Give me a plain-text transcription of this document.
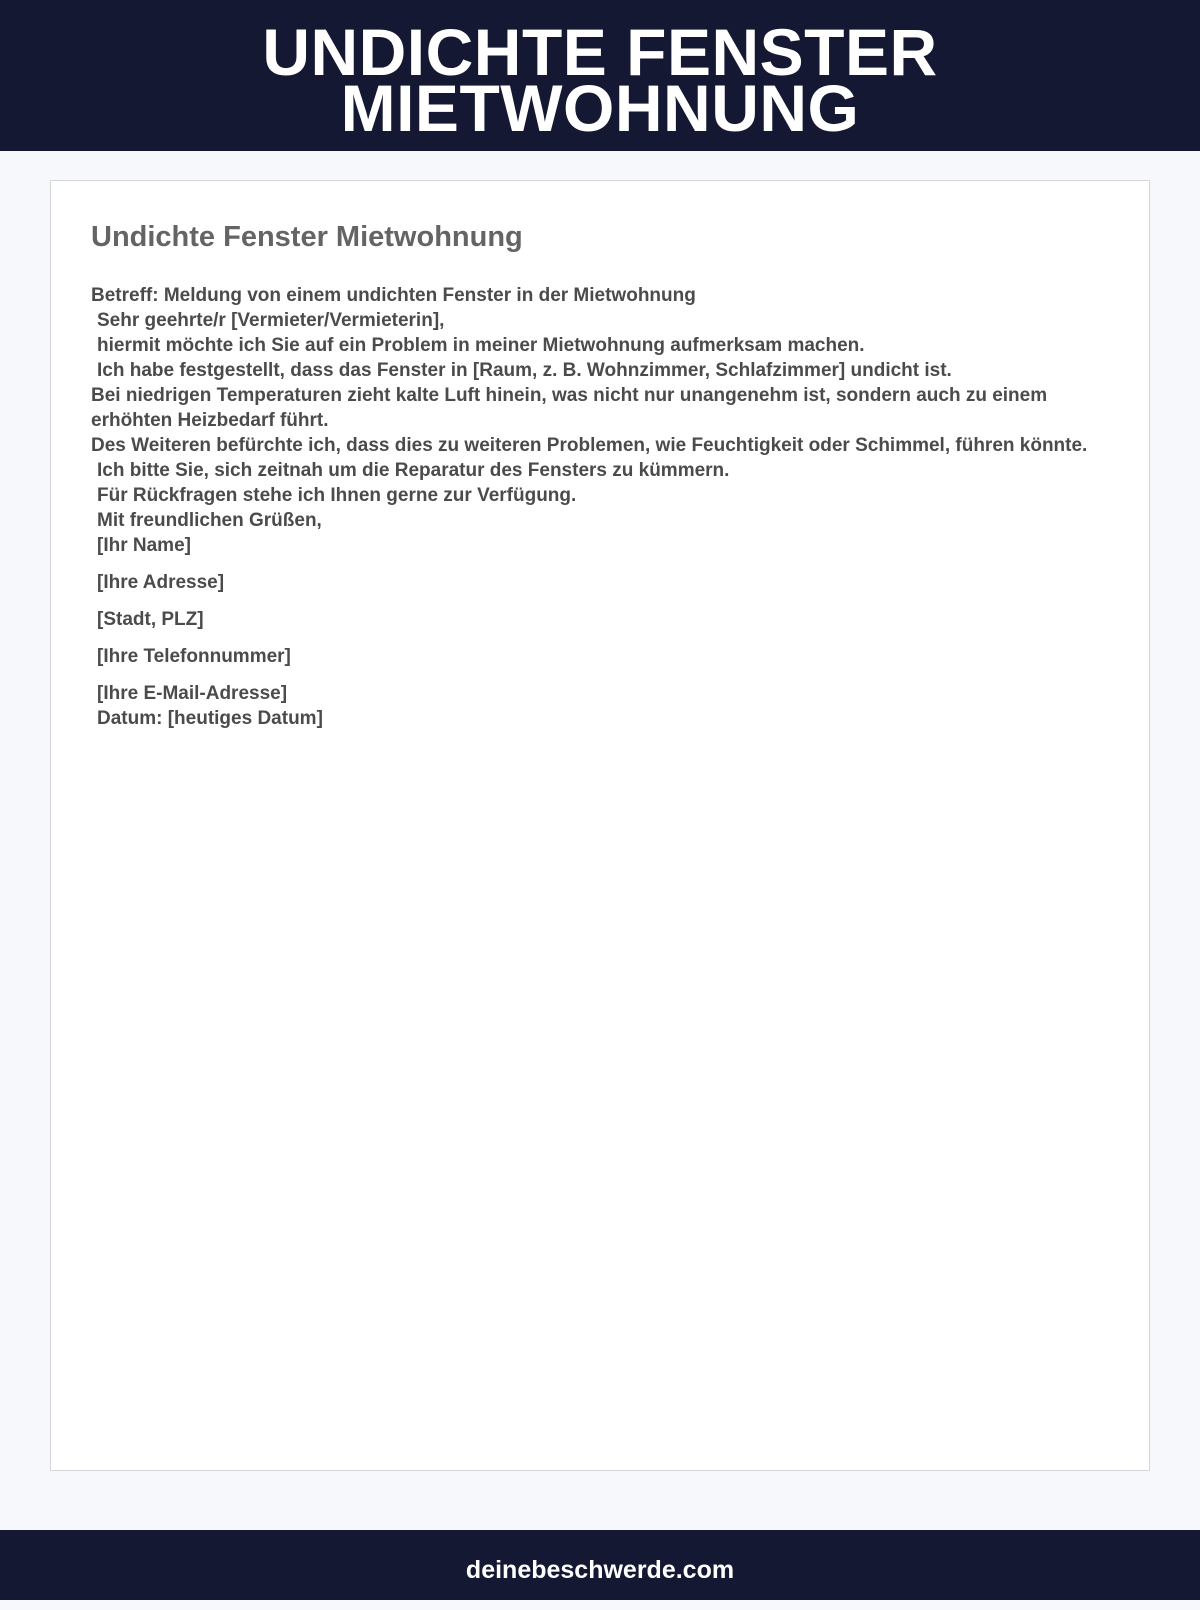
UNDICHTE FENSTER
MIETWOHNUNG
Undichte Fenster Mietwohnung
Betreff: Meldung von einem undichten Fenster in der Mietwohnung
Sehr geehrte/r [Vermieter/Vermieterin],
hiermit möchte ich Sie auf ein Problem in meiner Mietwohnung aufmerksam machen.
Ich habe festgestellt, dass das Fenster in [Raum, z. B. Wohnzimmer, Schlafzimmer] undicht ist.
Bei niedrigen Temperaturen zieht kalte Luft hinein, was nicht nur unangenehm ist, sondern auch zu einem erhöhten Heizbedarf führt.
Des Weiteren befürchte ich, dass dies zu weiteren Problemen, wie Feuchtigkeit oder Schimmel, führen könnte.
Ich bitte Sie, sich zeitnah um die Reparatur des Fensters zu kümmern.
Für Rückfragen stehe ich Ihnen gerne zur Verfügung.
Mit freundlichen Grüßen,
[Ihr Name]
[Ihre Adresse]
[Stadt, PLZ]
[Ihre Telefonnummer]
[Ihre E-Mail-Adresse]
Datum: [heutiges Datum]
deinebeschwerde.com
